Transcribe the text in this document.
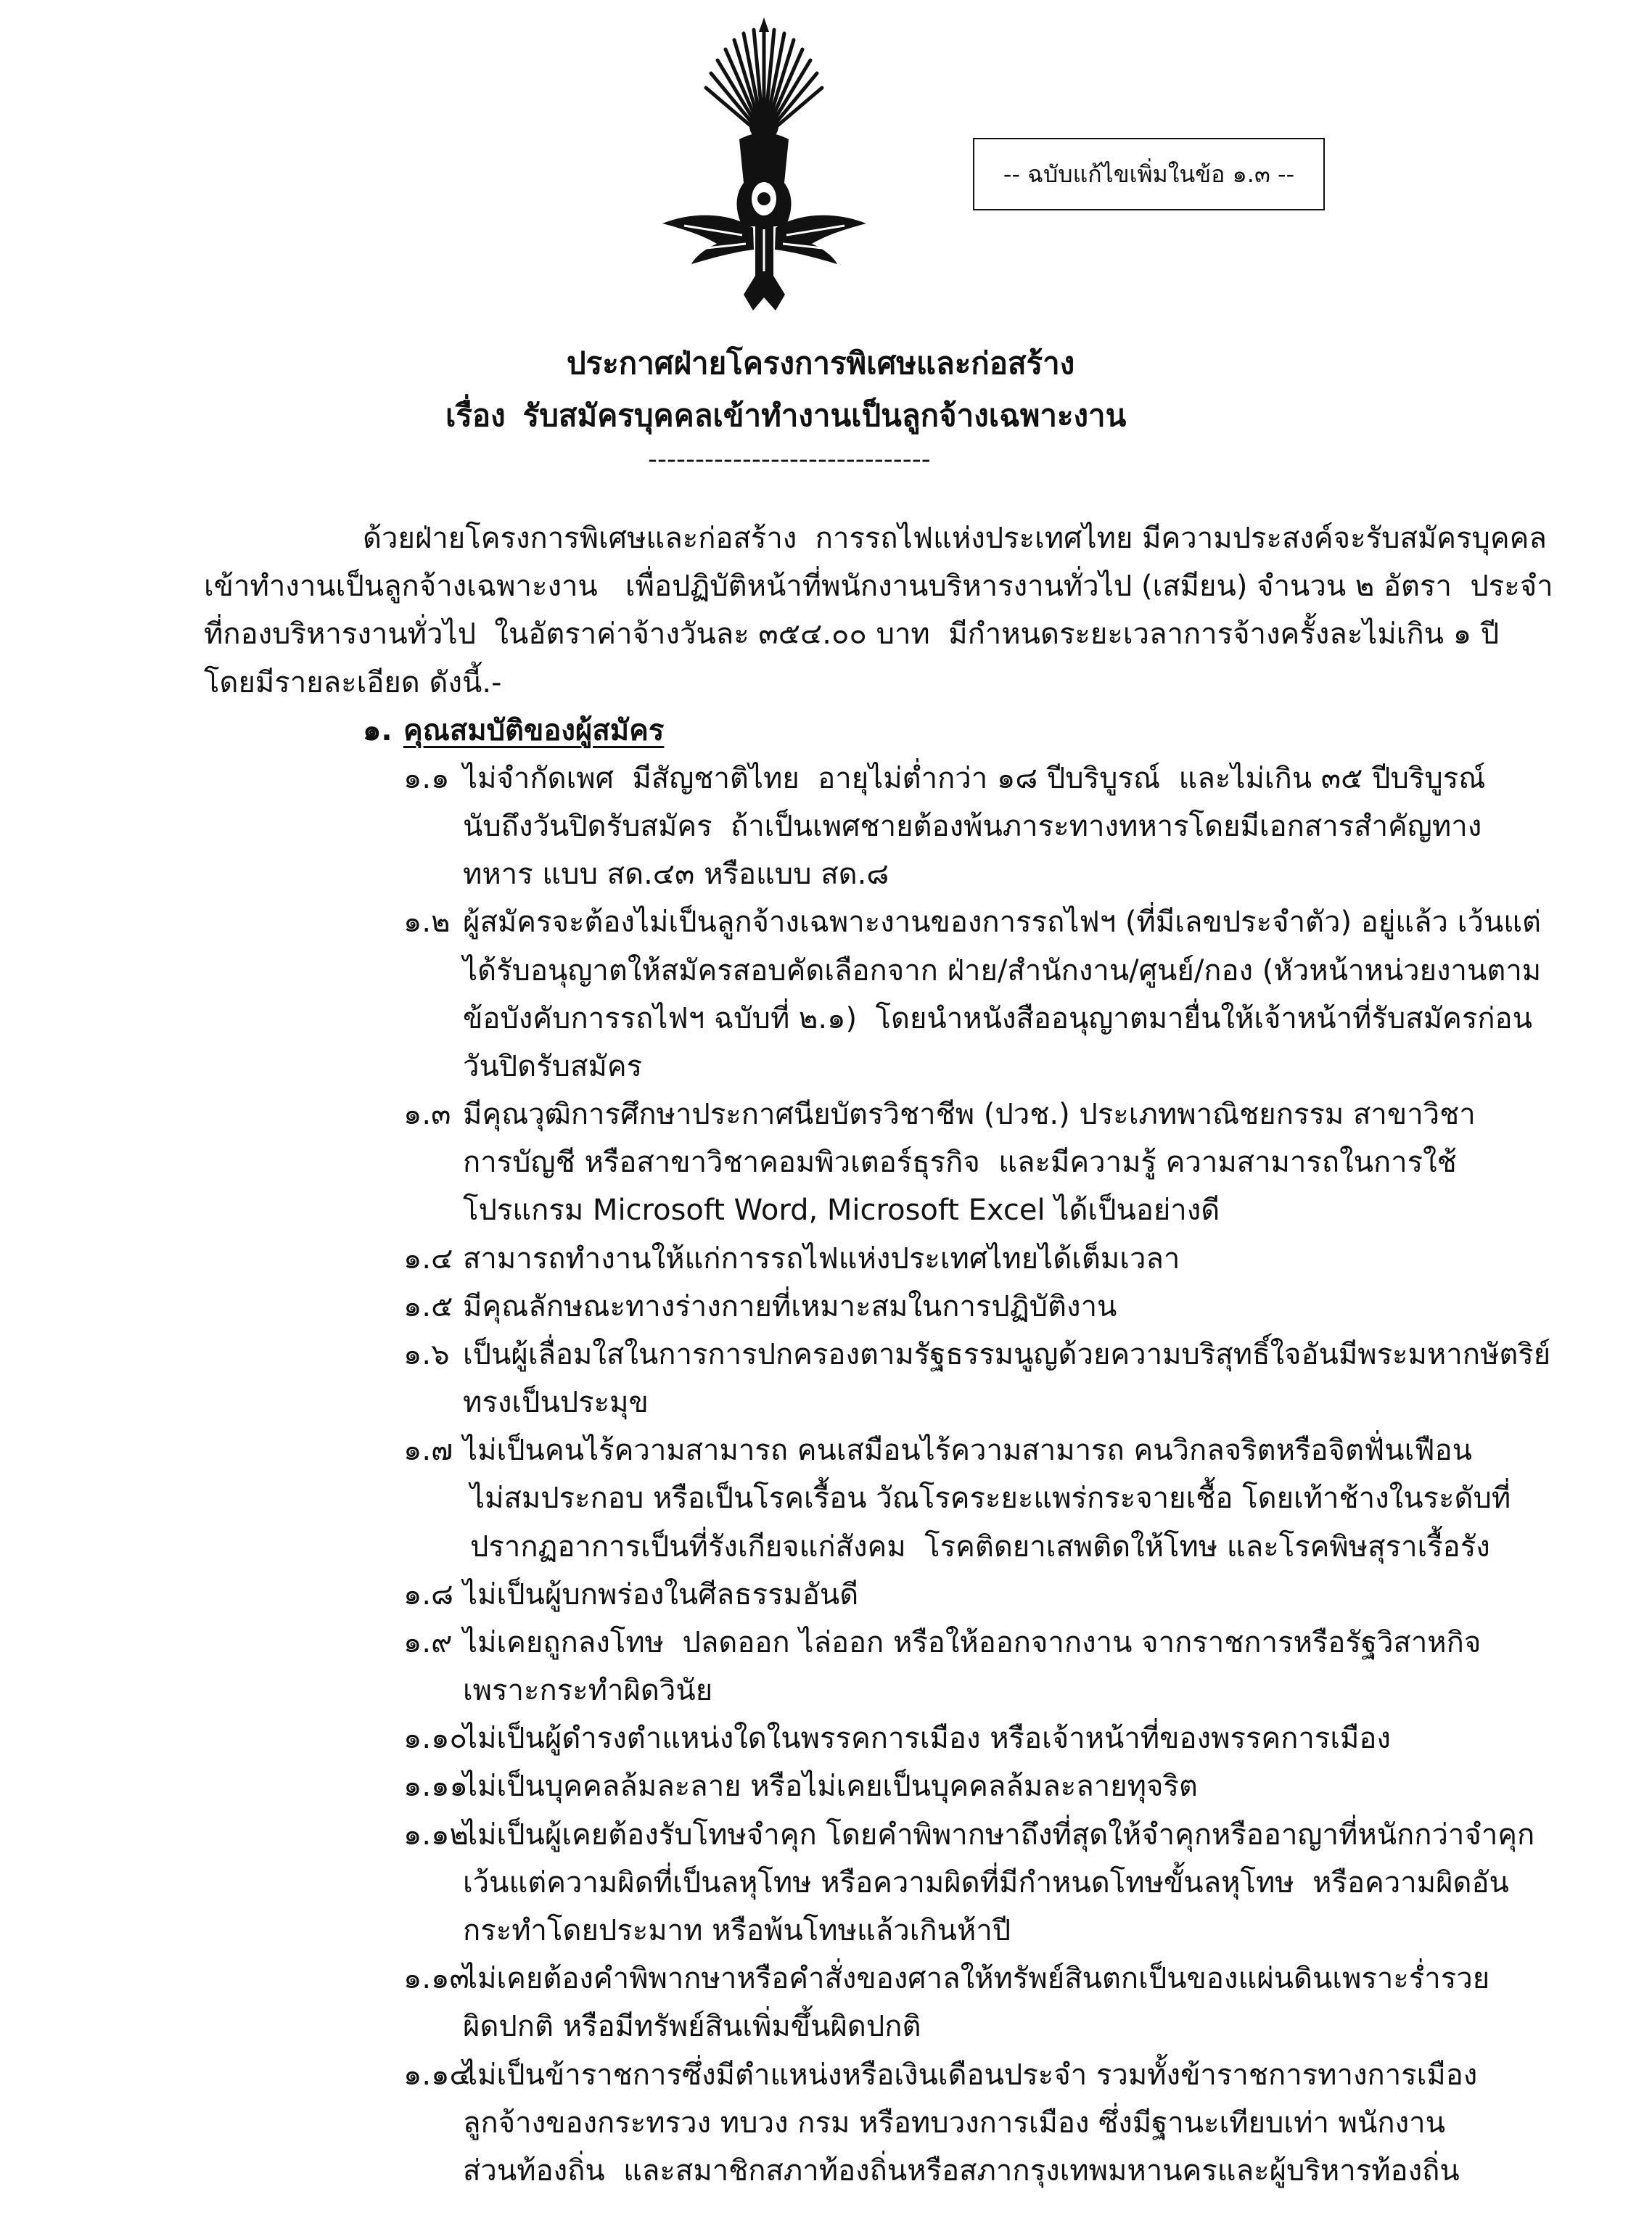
-- ฉบับแก้ไขเพิ่มในข้อ ๑.๓ --
ประกาศฝ่ายโครงการพิเศษและก่อสร้าง
เรื่อง รับสมัครบุคคลเข้าทำงานเป็นลูกจ้างเฉพาะงาน
------------------------------
ด้วยฝ่ายโครงการพิเศษและก่อสร้าง  การรถไฟแห่งประเทศไทย มีความประสงค์จะรับสมัครบุคคล
เข้าทำงานเป็นลูกจ้างเฉพาะงาน   เพื่อปฏิบัติหน้าที่พนักงานบริหารงานทั่วไป (เสมียน) จำนวน ๒ อัตรา  ประจำ
ที่กองบริหารงานทั่วไป  ในอัตราค่าจ้างวันละ ๓๕๔.๐๐ บาท  มีกำหนดระยะเวลาการจ้างครั้งละไม่เกิน ๑ ปี
โดยมีรายละเอียด ดังนี้.-
๑. คุณสมบัติของผู้สมัคร
๑.๑ ไม่จำกัดเพศ  มีสัญชาติไทย  อายุไม่ต่ำกว่า ๑๘ ปีบริบูรณ์  และไม่เกิน ๓๕ ปีบริบูรณ์
นับถึงวันปิดรับสมัคร  ถ้าเป็นเพศชายต้องพ้นภาระทางทหารโดยมีเอกสารสำคัญทาง
ทหาร แบบ สด.๔๓ หรือแบบ สด.๘
๑.๒ ผู้สมัครจะต้องไม่เป็นลูกจ้างเฉพาะงานของการรถไฟฯ (ที่มีเลขประจำตัว) อยู่แล้ว เว้นแต่
ได้รับอนุญาตให้สมัครสอบคัดเลือกจาก ฝ่าย/สำนักงาน/ศูนย์/กอง (หัวหน้าหน่วยงานตาม
ข้อบังคับการรถไฟฯ ฉบับที่ ๒.๑)  โดยนำหนังสืออนุญาตมายื่นให้เจ้าหน้าที่รับสมัครก่อน
วันปิดรับสมัคร
๑.๓ มีคุณวุฒิการศึกษาประกาศนียบัตรวิชาชีพ (ปวช.) ประเภทพาณิชยกรรม สาขาวิชา
การบัญชี หรือสาขาวิชาคอมพิวเตอร์ธุรกิจ  และมีความรู้ ความสามารถในการใช้
โปรแกรม Microsoft Word, Microsoft Excel ได้เป็นอย่างดี
๑.๔ สามารถทำงานให้แก่การรถไฟแห่งประเทศไทยได้เต็มเวลา
๑.๕ มีคุณลักษณะทางร่างกายที่เหมาะสมในการปฏิบัติงาน
๑.๖ เป็นผู้เลื่อมใสในการการปกครองตามรัฐธรรมนูญด้วยความบริสุทธิ์ใจอันมีพระมหากษัตริย์
ทรงเป็นประมุข
๑.๗ ไม่เป็นคนไร้ความสามารถ คนเสมือนไร้ความสามารถ คนวิกลจริตหรือจิตฟั่นเฟือน
ไม่สมประกอบ หรือเป็นโรคเรื้อน วัณโรคระยะแพร่กระจายเชื้อ โดยเท้าช้างในระดับที่
ปรากฏอาการเป็นที่รังเกียจแก่สังคม  โรคติดยาเสพติดให้โทษ และโรคพิษสุราเรื้อรัง
๑.๘ ไม่เป็นผู้บกพร่องในศีลธรรมอันดี
๑.๙ ไม่เคยถูกลงโทษ  ปลดออก ไล่ออก หรือให้ออกจากงาน จากราชการหรือรัฐวิสาหกิจ
เพราะกระทำผิดวินัย
๑.๑๐
ไม่เป็นผู้ดำรงตำแหน่งใดในพรรคการเมือง หรือเจ้าหน้าที่ของพรรคการเมือง
๑.๑๑
ไม่เป็นบุคคลล้มละลาย หรือไม่เคยเป็นบุคคลล้มละลายทุจริต
๑.๑๒
ไม่เป็นผู้เคยต้องรับโทษจำคุก โดยคำพิพากษาถึงที่สุดให้จำคุกหรืออาญาที่หนักกว่าจำคุก
เว้นแต่ความผิดที่เป็นลหุโทษ หรือความผิดที่มีกำหนดโทษขั้นลหุโทษ  หรือความผิดอัน
กระทำโดยประมาท หรือพ้นโทษแล้วเกินห้าปี
๑.๑๓
ไม่เคยต้องคำพิพากษาหรือคำสั่งของศาลให้ทรัพย์สินตกเป็นของแผ่นดินเพราะร่ำรวย
ผิดปกติ หรือมีทรัพย์สินเพิ่มขึ้นผิดปกติ
๑.๑๔
ไม่เป็นข้าราชการซึ่งมีตำแหน่งหรือเงินเดือนประจำ รวมทั้งข้าราชการทางการเมือง
ลูกจ้างของกระทรวง ทบวง กรม หรือทบวงการเมือง ซึ่งมีฐานะเทียบเท่า พนักงาน
ส่วนท้องถิ่น  และสมาชิกสภาท้องถิ่นหรือสภากรุงเทพมหานครและผู้บริหารท้องถิ่น
